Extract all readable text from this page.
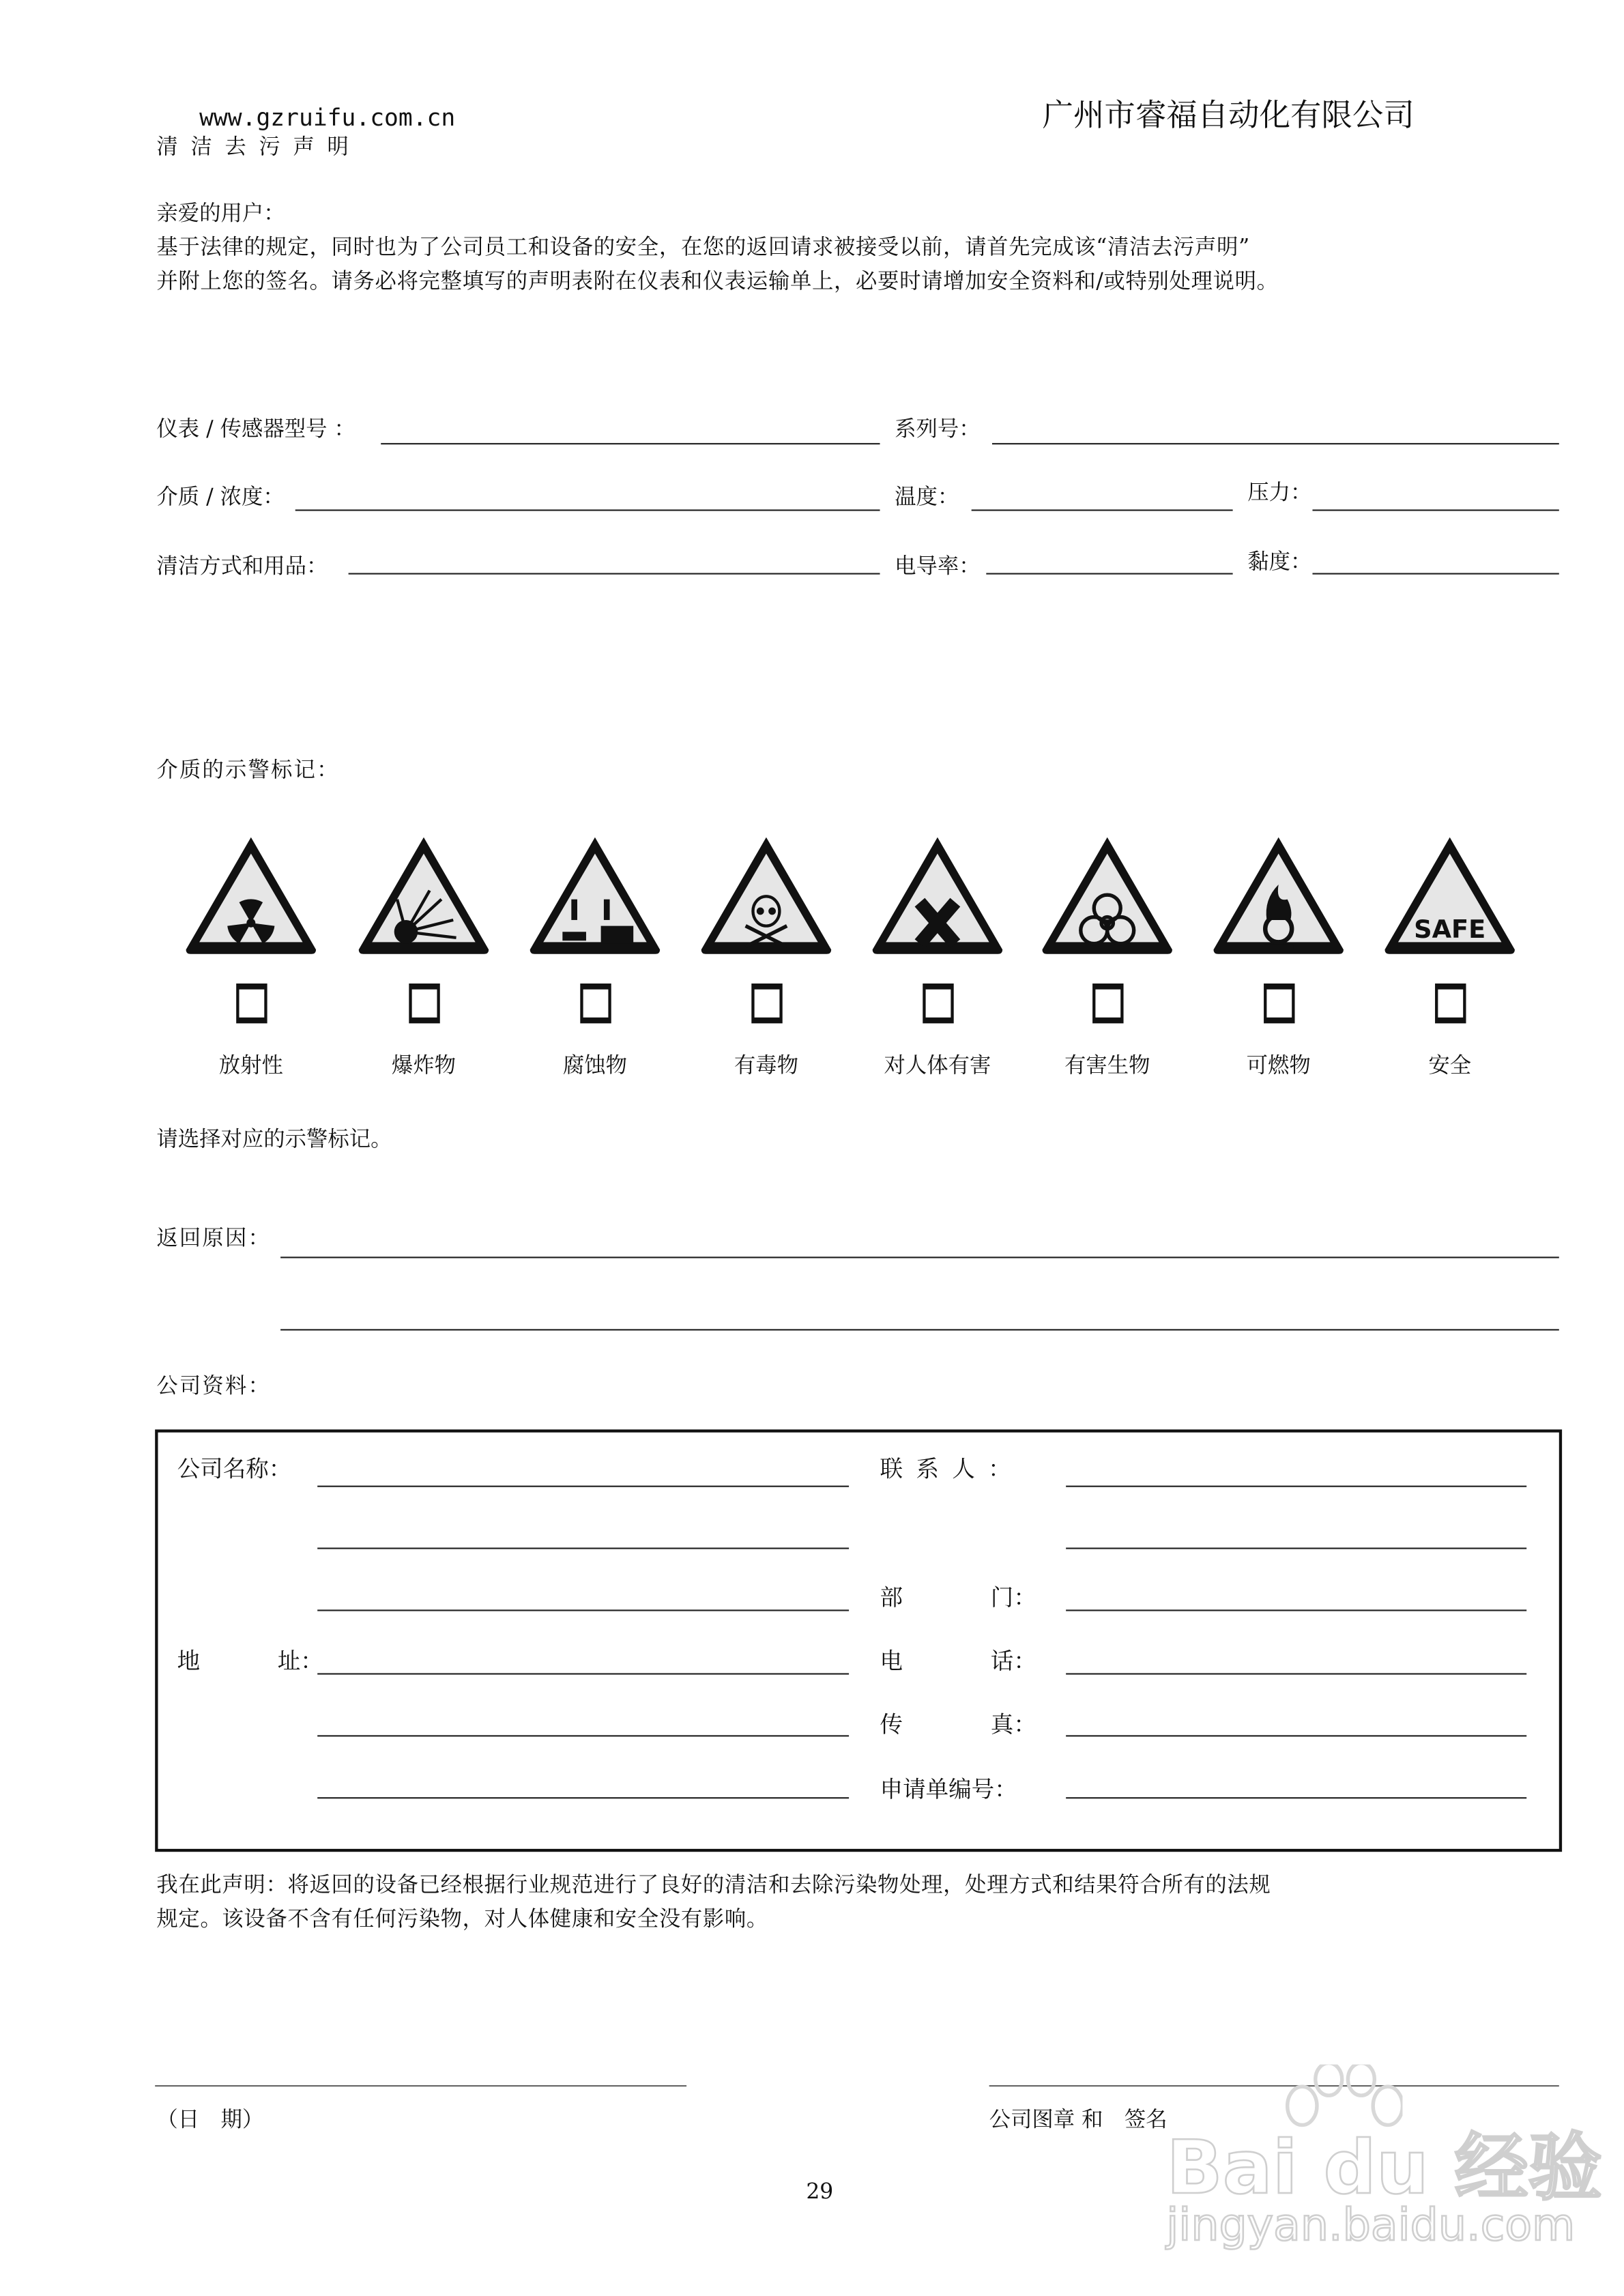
www.gzruifu.com.cn	广州市睿福自动化有限公司
清 洁 去 污 声 明
亲爱的用户：
基于法律的规定，同时也为了公司员工和设备的安全，在您的返回请求被接受以前，请首先完成该“清洁去污声明”
并附上您的签名。请务必将完整填写的声明表附在仪表和仪表运输单上，必要时请增加安全资料和/或特别处理说明。
仪表 / 传感器型号 ：	系列号：
介质 / 浓度：	温度：	压力：
清洁方式和用品：	电导率：	黏度：
介质的示警标记：
放射性	爆炸物	腐蚀物	有毒物	对人体有害	有害生物	可燃物
SAFE
安全
请选择对应的示警标记。
返回原因：
公司资料：
公司名称：
地	址：
联 系 人 ：
部	门：
电	话：
传	真：
申请单编号：
我在此声明：将返回的设备已经根据行业规范进行了良好的清洁和去除污染物处理，处理方式和结果符合所有的法规
规定。该设备不含有任何污染物，对人体健康和安全没有影响。
（日　期）	公司图章 和　签名
29	Bai du 经验
jingyan.baidu.com
